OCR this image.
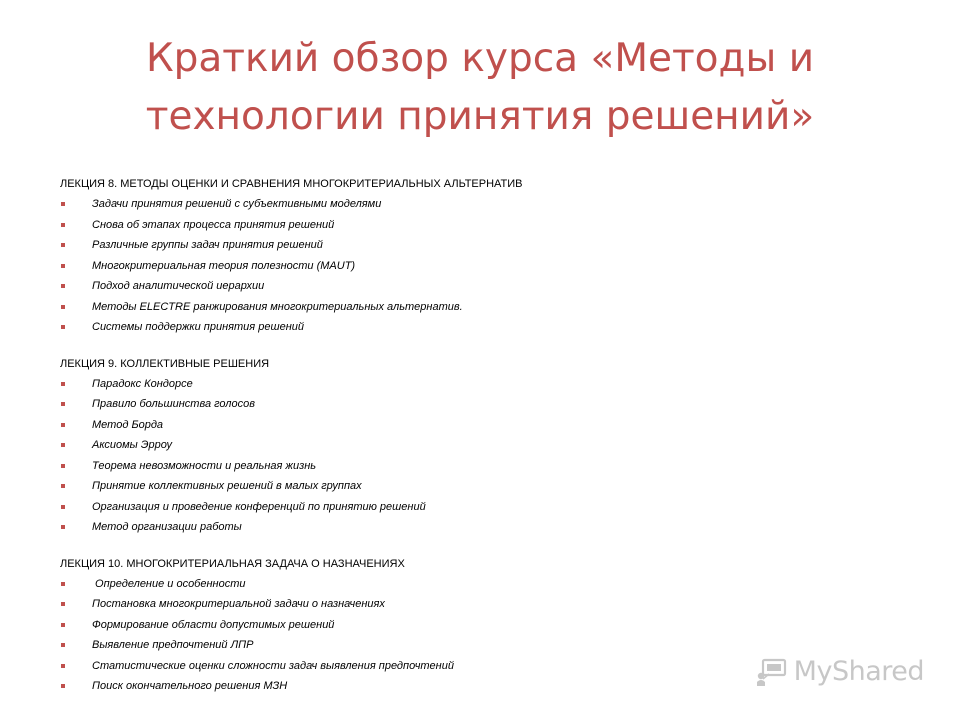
Краткий обзор курса «Методы и технологии принятия решений»

ЛЕКЦИЯ 8. МЕТОДЫ ОЦЕНКИ И СРАВНЕНИЯ МНОГОКРИТЕРИАЛЬНЫХ АЛЬТЕРНАТИВ

Задачи принятия решений с субъективными моделями
Снова об этапах процесса принятия решений
Различные группы задач принятия решений
Многокритериальная теория полезности (MAUT)
Подход аналитической иерархии
Методы ELECTRE ранжирования многокритериальных альтернатив.
Системы поддержки принятия решений

ЛЕКЦИЯ 9. КОЛЛЕКТИВНЫЕ РЕШЕНИЯ

Парадокс Кондорсе
Правило большинства голосов
Метод Борда
Аксиомы Эрроу
Теорема невозможности и реальная жизнь
Принятие коллективных решений в малых группах
Организация и проведение конференций по принятию решений
Метод организации работы

ЛЕКЦИЯ 10. МНОГОКРИТЕРИАЛЬНАЯ ЗАДАЧА О НАЗНАЧЕНИЯХ

Определение и особенности
Постановка многокритериальной задачи о назначениях
Формирование области допустимых решений
Выявление предпочтений ЛПР
Статистические оценки сложности задач выявления предпочтений
Поиск окончательного решения МЗН	MyShared
